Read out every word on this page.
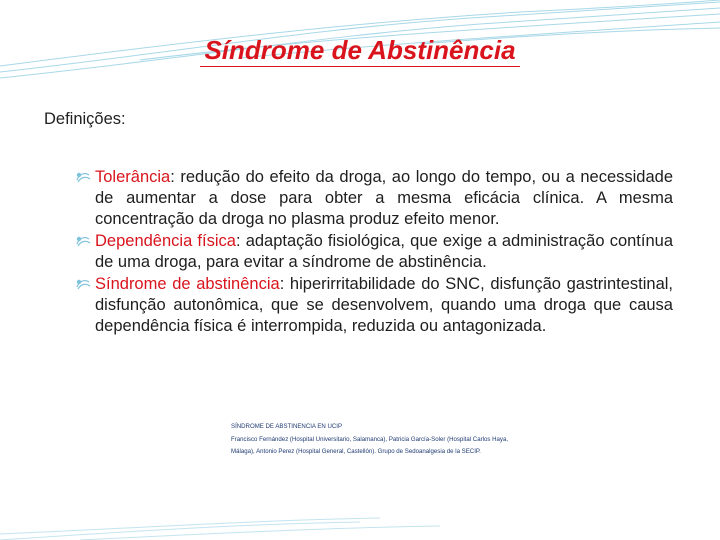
Síndrome de Abstinência

Definições:

Tolerância: redução do efeito da droga, ao longo do tempo, ou a necessidade de aumentar a dose para obter a mesma eficácia clínica. A mesma concentração da droga no plasma produz efeito menor.
Dependência física: adaptação fisiológica, que exige a administração contínua de uma droga, para evitar a síndrome de abstinência.
Síndrome de abstinência: hiperirritabilidade do SNC, disfunção gastrintestinal, disfunção autonômica, que se desenvolvem, quando uma droga que causa dependência física é interrompida, reduzida ou antagonizada.
SÍNDROME DE ABSTINENCIA EN UCIP
Francisco Fernández (Hospital Universitario, Salamanca), Patricia García-Soler (Hospital Carlos Haya,
Málaga), Antonio Perez (Hospital General, Castellón). Grupo de Sedoanalgesia de la SECIP.
